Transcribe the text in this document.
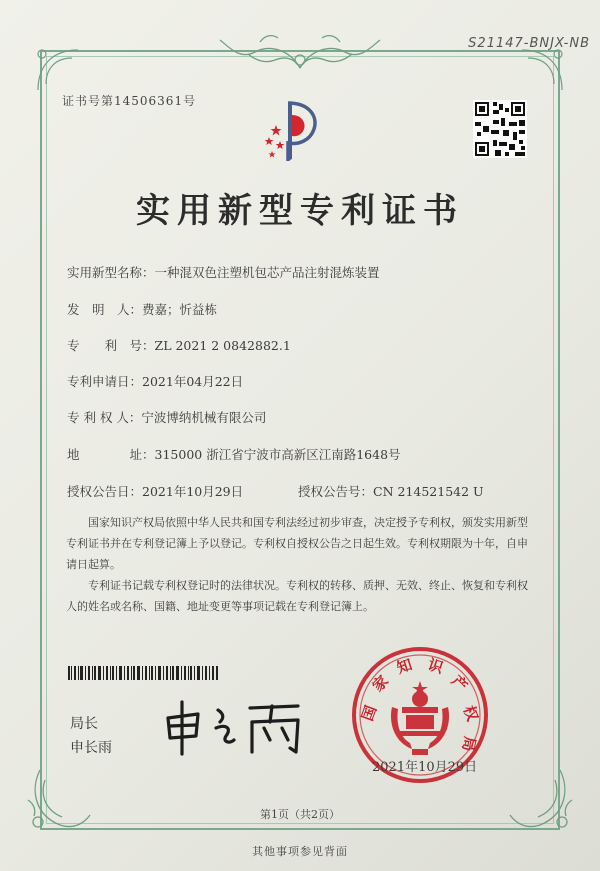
S21147-BNJX-NB
证书号第14506361号
实用新型专利证书
实用新型名称：一种混双色注塑机包芯产品注射混炼装置
发　明　人：费嘉；忻益栋
专　　利　号：ZL 2021 2 0842882.1
专利申请日：2021年04月22日
专 利 权 人：宁波博纳机械有限公司
地　　　　址：315000 浙江省宁波市高新区江南路1648号
授权公告日：2021年10月29日	授权公告号：CN 214521542 U
国家知识产权局依照中华人民共和国专利法经过初步审查，决定授予专利权，颁发实用新型专利证书并在专利登记簿上予以登记。专利权自授权公告之日起生效。专利权期限为十年，自申请日起算。
专利证书记载专利权登记时的法律状况。专利权的转移、质押、无效、终止、恢复和专利权人的姓名或名称、国籍、地址变更等事项记载在专利登记簿上。
局长
申长雨
国
家
知 识
产
权
局
2021年10月29日
第1页（共2页）
其他事项参见背面
